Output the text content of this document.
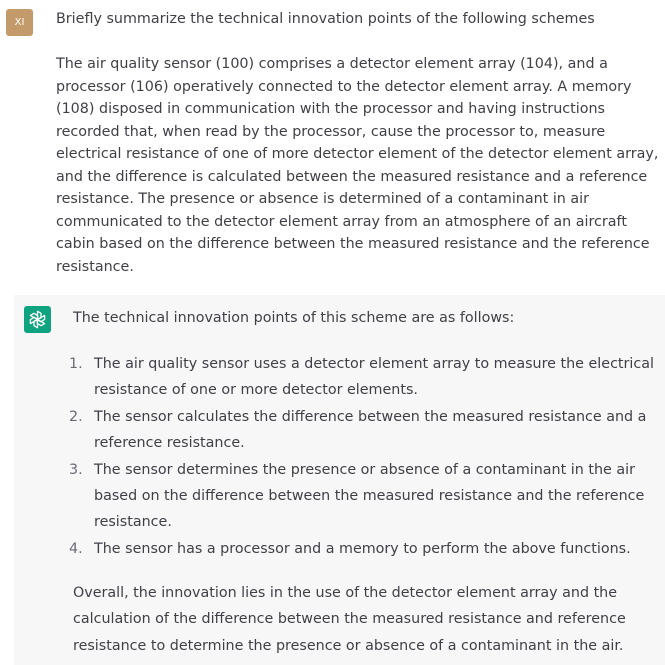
XI	Briefly summarize the technical innovation points of the following schemes

The air quality sensor (100) comprises a detector element array (104), and a
processor (106) operatively connected to the detector element array. A memory
(108) disposed in communication with the processor and having instructions
recorded that, when read by the processor, cause the processor to, measure
electrical resistance of one of more detector element of the detector element array,
and the difference is calculated between the measured resistance and a reference
resistance. The presence or absence is determined of a contaminant in air
communicated to the detector element array from an atmosphere of an aircraft
cabin based on the difference between the measured resistance and the reference
resistance.

The technical innovation points of this scheme are as follows:

1. The air quality sensor uses a detector element array to measure the electrical
resistance of one or more detector elements.
2. The sensor calculates the difference between the measured resistance and a
reference resistance.
3. The sensor determines the presence or absence of a contaminant in the air
based on the difference between the measured resistance and the reference
resistance.
4. The sensor has a processor and a memory to perform the above functions.

Overall, the innovation lies in the use of the detector element array and the
calculation of the difference between the measured resistance and reference
resistance to determine the presence or absence of a contaminant in the air.
